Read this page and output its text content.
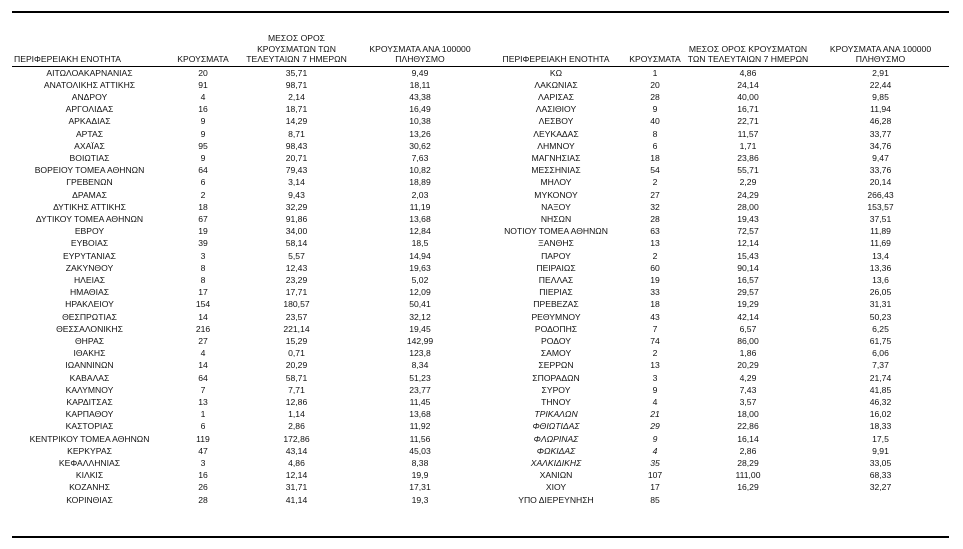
ΠΕΡΙΦΕΡΕΙΑΚΗ ΕΝΟΤΗΤΑ	ΚΡΟΥΣΜΑΤΑ	ΜΕΣΟΣ ΟΡΟΣ ΚΡΟΥΣΜΑΤΩΝ ΤΩΝ ΤΕΛΕΥΤΑΙΩΝ 7 ΗΜΕΡΩΝ	ΚΡΟΥΣΜΑΤΑ ΑΝΑ 100000 ΠΛΗΘΥΣΜΟ	ΠΕΡΙΦΕΡΕΙΑΚΗ ΕΝΟΤΗΤΑ	ΚΡΟΥΣΜΑΤΑ	ΜΕΣΟΣ ΟΡΟΣ ΚΡΟΥΣΜΑΤΩΝ ΤΩΝ ΤΕΛΕΥΤΑΙΩΝ 7 ΗΜΕΡΩΝ	ΚΡΟΥΣΜΑΤΑ ΑΝΑ 100000 ΠΛΗΘΥΣΜΟ
ΑΙΤΩΛΟΑΚΑΡΝΑΝΙΑΣ	20	35,71	9,49	ΚΩ	1	4,86	2,91
ΑΝΑΤΟΛΙΚΗΣ ΑΤΤΙΚΗΣ	91	98,71	18,11	ΛΑΚΩΝΙΑΣ	20	24,14	22,44
ΑΝΔΡΟΥ	4	2,14	43,38	ΛΑΡΙΣΑΣ	28	40,00	9,85
ΑΡΓΟΛΙΔΑΣ	16	18,71	16,49	ΛΑΣΙΘΙΟΥ	9	16,71	11,94
ΑΡΚΑΔΙΑΣ	9	14,29	10,38	ΛΕΣΒΟΥ	40	22,71	46,28
ΑΡΤΑΣ	9	8,71	13,26	ΛΕΥΚΑΔΑΣ	8	11,57	33,77
ΑΧΑΪΑΣ	95	98,43	30,62	ΛΗΜΝΟΥ	6	1,71	34,76
ΒΟΙΩΤΙΑΣ	9	20,71	7,63	ΜΑΓΝΗΣΙΑΣ	18	23,86	9,47
ΒΟΡΕΙΟΥ ΤΟΜΕΑ ΑΘΗΝΩΝ	64	79,43	10,82	ΜΕΣΣΗΝΙΑΣ	54	55,71	33,76
ΓΡΕΒΕΝΩΝ	6	3,14	18,89	ΜΗΛΟΥ	2	2,29	20,14
ΔΡΑΜΑΣ	2	9,43	2,03	ΜΥΚΟΝΟΥ	27	24,29	266,43
ΔΥΤΙΚΗΣ ΑΤΤΙΚΗΣ	18	32,29	11,19	ΝΑΞΟΥ	32	28,00	153,57
ΔΥΤΙΚΟΥ ΤΟΜΕΑ ΑΘΗΝΩΝ	67	91,86	13,68	ΝΗΣΩΝ	28	19,43	37,51
ΕΒΡΟΥ	19	34,00	12,84	ΝΟΤΙΟΥ ΤΟΜΕΑ ΑΘΗΝΩΝ	63	72,57	11,89
ΕΥΒΟΙΑΣ	39	58,14	18,5	ΞΑΝΘΗΣ	13	12,14	11,69
ΕΥΡΥΤΑΝΙΑΣ	3	5,57	14,94	ΠΑΡΟΥ	2	15,43	13,4
ΖΑΚΥΝΘΟΥ	8	12,43	19,63	ΠΕΙΡΑΙΩΣ	60	90,14	13,36
ΗΛΕΙΑΣ	8	23,29	5,02	ΠΕΛΛΑΣ	19	16,57	13,6
ΗΜΑΘΙΑΣ	17	17,71	12,09	ΠΙΕΡΙΑΣ	33	29,57	26,05
ΗΡΑΚΛΕΙΟΥ	154	180,57	50,41	ΠΡΕΒΕΖΑΣ	18	19,29	31,31
ΘΕΣΠΡΩΤΙΑΣ	14	23,57	32,12	ΡΕΘΥΜΝΟΥ	43	42,14	50,23
ΘΕΣΣΑΛΟΝΙΚΗΣ	216	221,14	19,45	ΡΟΔΟΠΗΣ	7	6,57	6,25
ΘΗΡΑΣ	27	15,29	142,99	ΡΟΔΟΥ	74	86,00	61,75
ΙΘΑΚΗΣ	4	0,71	123,8	ΣΑΜΟΥ	2	1,86	6,06
ΙΩΑΝΝΙΝΩΝ	14	20,29	8,34	ΣΕΡΡΩΝ	13	20,29	7,37
ΚΑΒΑΛΑΣ	64	58,71	51,23	ΣΠΟΡΑΔΩΝ	3	4,29	21,74
ΚΑΛΥΜΝΟΥ	7	7,71	23,77	ΣΥΡΟΥ	9	7,43	41,85
ΚΑΡΔΙΤΣΑΣ	13	12,86	11,45	ΤΗΝΟΥ	4	3,57	46,32
ΚΑΡΠΑΘΟΥ	1	1,14	13,68	ΤΡΙΚΑΛΩΝ	21	18,00	16,02
ΚΑΣΤΟΡΙΑΣ	6	2,86	11,92	ΦΘΙΩΤΙΔΑΣ	29	22,86	18,33
ΚΕΝΤΡΙΚΟΥ ΤΟΜΕΑ ΑΘΗΝΩΝ	119	172,86	11,56	ΦΛΩΡΙΝΑΣ	9	16,14	17,5
ΚΕΡΚΥΡΑΣ	47	43,14	45,03	ΦΩΚΙΔΑΣ	4	2,86	9,91
ΚΕΦΑΛΛΗΝΙΑΣ	3	4,86	8,38	ΧΑΛΚΙΔΙΚΗΣ	35	28,29	33,05
ΚΙΛΚΙΣ	16	12,14	19,9	ΧΑΝΙΩΝ	107	111,00	68,33
ΚΟΖΑΝΗΣ	26	31,71	17,31	ΧΙΟΥ	17	16,29	32,27
ΚΟΡΙΝΘΙΑΣ	28	41,14	19,3	ΥΠΟ ΔΙΕΡΕΥΝΗΣΗ	85		
